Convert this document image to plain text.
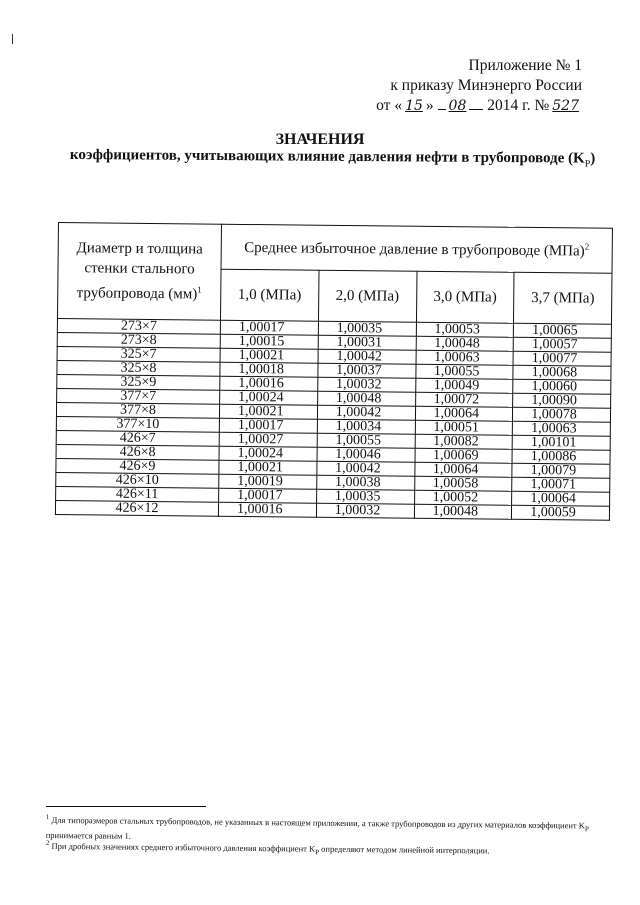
Приложение № 1
к приказу Минэнерго России
от « 15 » 08 2014 г. № 527
ЗНАЧЕНИЯ
коэффициентов, учитывающих влияние давления нефти в трубопроводе $(K_P)$
Диаметр и толщина стенки стального трубопровода (мм)$^1$	Среднее избыточное давление в трубопроводе (МПа)$^2$
	1,0 (МПа)	2,0 (МПа)	3,0 (МПа)	3,7 (МПа)
273×7	1,00017	1,00035	1,00053	1,00065
273×8	1,00015	1,00031	1,00048	1,00057
325×7	1,00021	1,00042	1,00063	1,00077
325×8	1,00018	1,00037	1,00055	1,00068
325×9	1,00016	1,00032	1,00049	1,00060
377×7	1,00024	1,00048	1,00072	1,00090
377×8	1,00021	1,00042	1,00064	1,00078
377×10	1,00017	1,00034	1,00051	1,00063
426×7	1,00027	1,00055	1,00082	1,00101
426×8	1,00024	1,00046	1,00069	1,00086
426×9	1,00021	1,00042	1,00064	1,00079
426×10	1,00019	1,00038	1,00058	1,00071
426×11	1,00017	1,00035	1,00052	1,00064
426×12	1,00016	1,00032	1,00048	1,00059
$^1$ Для типоразмеров стальных трубопроводов, не указанных в настоящем приложении, а также трубопроводов из других материалов коэффициент $K_P$ принимается равным 1.
$^2$ При дробных значениях среднего избыточного давления коэффициент $K_P$ определяют методом линейной интерполяции.
